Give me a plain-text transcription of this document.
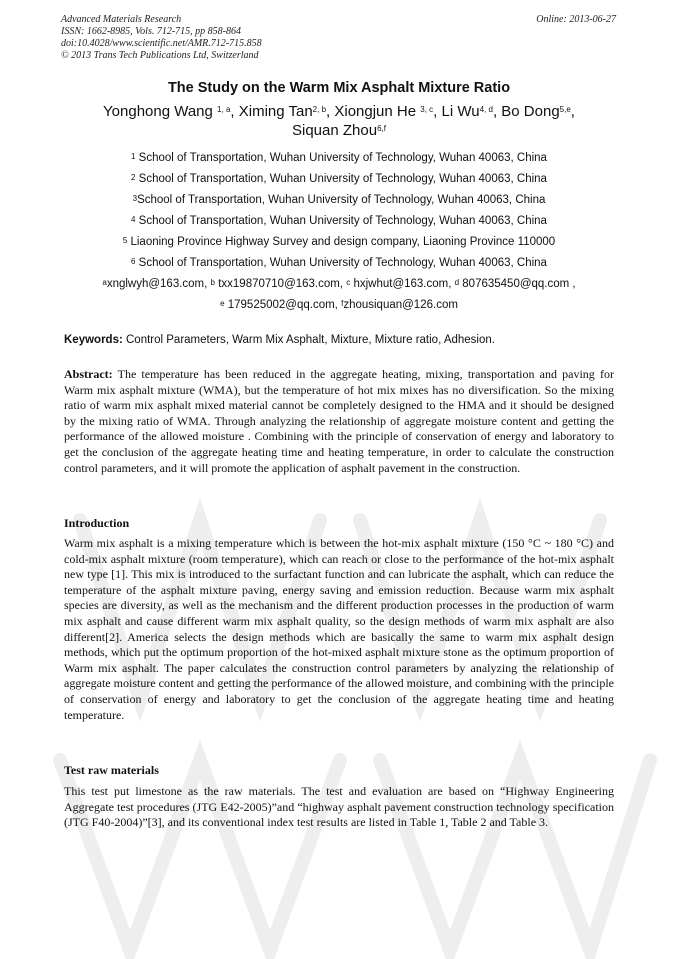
Advanced Materials Research
ISSN: 1662-8985, Vols. 712-715, pp 858-864
doi:10.4028/www.scientific.net/AMR.712-715.858
© 2013 Trans Tech Publications Ltd, Switzerland
Online: 2013-06-27
The Study on the Warm Mix Asphalt Mixture Ratio
Yonghong Wang $^{1, a}$, Ximing Tan$^{2, b}$, Xiongjun He $^{3, c}$, Li Wu$^{4, d}$, Bo Dong$^{5,e}$,
Siquan Zhou$^{6,f}$
$^1$ School of Transportation, Wuhan University of Technology, Wuhan 40063, China
$^2$ School of Transportation, Wuhan University of Technology, Wuhan 40063, China
$^3$School of Transportation, Wuhan University of Technology, Wuhan 40063, China
$^4$ School of Transportation, Wuhan University of Technology, Wuhan 40063, China
$^5$ Liaoning Province Highway Survey and design company, Liaoning Province 110000
$^6$ School of Transportation, Wuhan University of Technology, Wuhan 40063, China
$^a$xnglwyh@163.com, $^b$ txx19870710@163.com, $^c$ hxjwhut@163.com, $^d$ 807635450@qq.com ,
$^e$ 179525002@qq.com, $^f$zhousiquan@126.com
Keywords: Control Parameters, Warm Mix Asphalt, Mixture, Mixture ratio, Adhesion.
Abstract: The temperature has been reduced in the aggregate heating, mixing, transportation and paving for Warm mix asphalt mixture (WMA), but the temperature of hot mix mixes has no diversification. So the mixing ratio of warm mix asphalt mixed material cannot be completely designed to the HMA and it should be designed by the mixing ratio of WMA. Through analyzing the relationship of aggregate moisture content and getting the performance of the allowed moisture . Combining with the principle of conservation of energy and laboratory to get the conclusion of the aggregate heating time and heating temperature, in order to calculate the construction control parameters, and it will promote the application of asphalt pavement in the construction.
Introduction
Warm mix asphalt is a mixing temperature which is between the hot-mix asphalt mixture (150 °C ~ 180 °C) and cold-mix asphalt mixture (room temperature), which can reach or close to the performance of the hot-mix asphalt new type [1]. This mix is introduced to the surfactant function and can lubricate the asphalt, which can reduce the temperature of the asphalt mixture paving, energy saving and emission reduction. Because warm mix asphalt species are diversity, as well as the mechanism and the different production processes in the production of warm mix asphalt and cause different warm mix asphalt quality, so the design methods of warm mix asphalt are also different[2]. America selects the design methods which are basically the same to warm mix asphalt design methods, which put the optimum proportion of the hot-mixed asphalt mixture stone as the optimum proportion of Warm mix asphalt. The paper calculates the construction control parameters by analyzing the relationship of aggregate moisture content and getting the performance of the allowed moisture, and combining with the principle of conservation of energy and laboratory to get the conclusion of the aggregate heating time and heating temperature.
Test raw materials
This test put limestone as the raw materials. The test and evaluation are based on “Highway Engineering Aggregate test procedures (JTG E42-2005)”and “highway asphalt pavement construction technology specification (JTG F40-2004)”[3], and its conventional index test results are listed in Table 1, Table 2 and Table 3.
